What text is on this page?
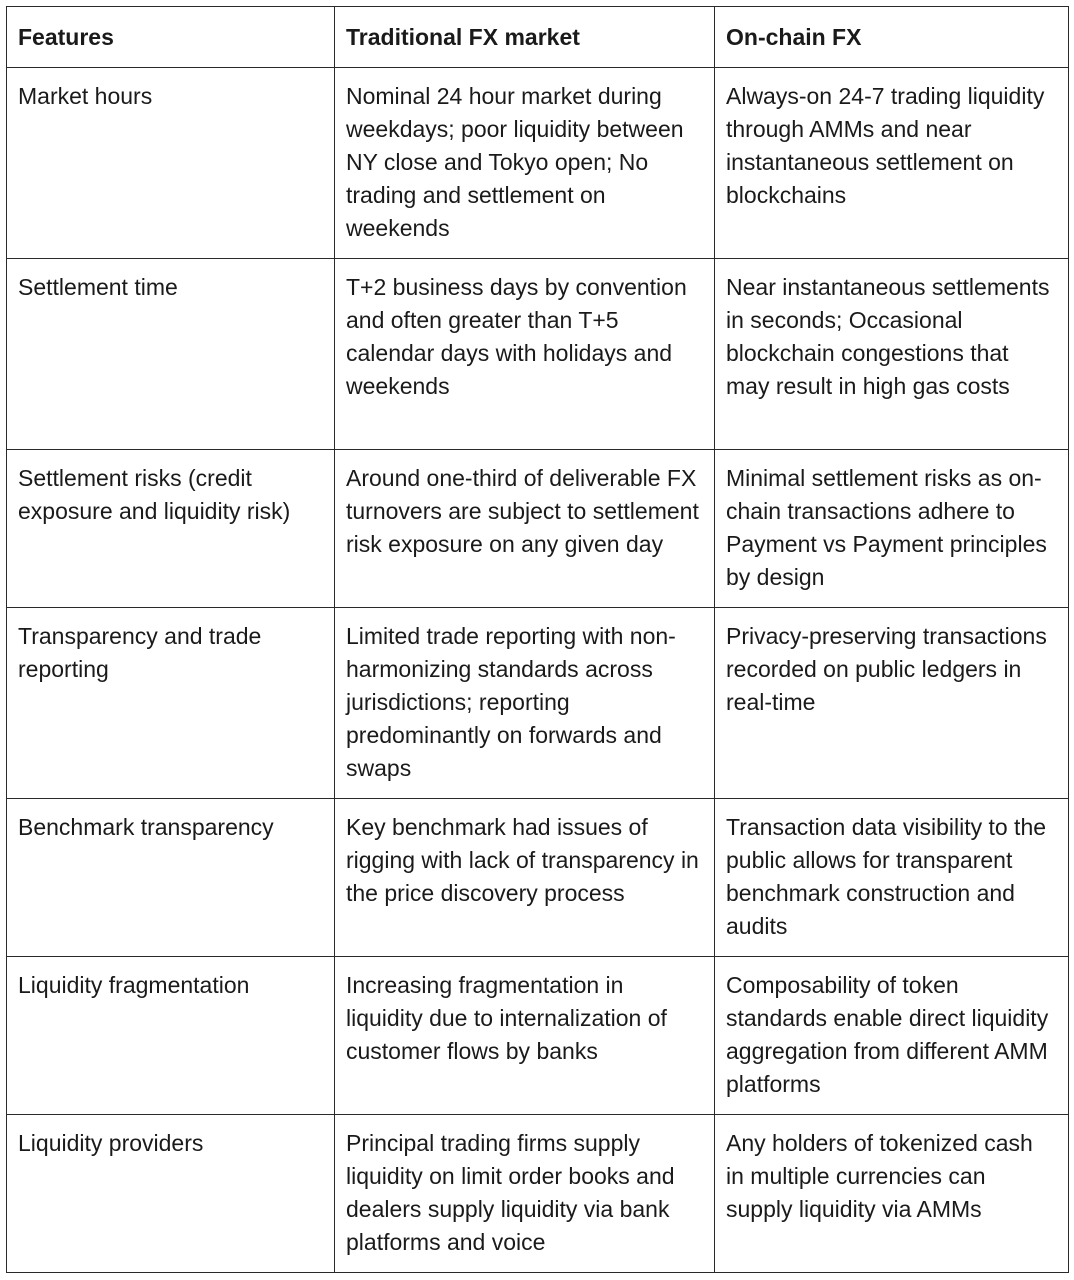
Features	Traditional FX market	On-chain FX
Market hours	Nominal 24 hour market during weekdays; poor liquidity between NY close and Tokyo open; No trading and settlement on weekends	Always-on 24-7 trading liquidity through AMMs and near instantaneous settlement on blockchains
Settlement time	T+2 business days by convention and often greater than T+5 calendar days with holidays and weekends	Near instantaneous settlements in seconds; Occasional blockchain congestions that may result in high gas costs
Settlement risks (credit exposure and liquidity risk)	Around one-third of deliverable FX turnovers are subject to settlement risk exposure on any given day	Minimal settlement risks as on-chain transactions adhere to Payment vs Payment principles by design
Transparency and trade reporting	Limited trade reporting with non-harmonizing standards across jurisdictions; reporting predominantly on forwards and swaps	Privacy-preserving transactions recorded on public ledgers in real-time
Benchmark transparency	Key benchmark had issues of rigging with lack of transparency in the price discovery process	Transaction data visibility to the public allows for transparent benchmark construction and audits
Liquidity fragmentation	Increasing fragmentation in liquidity due to internalization of customer flows by banks	Composability of token standards enable direct liquidity aggregation from different AMM platforms
Liquidity providers	Principal trading firms supply liquidity on limit order books and dealers supply liquidity via bank platforms and voice	Any holders of tokenized cash in multiple currencies can supply liquidity via AMMs
